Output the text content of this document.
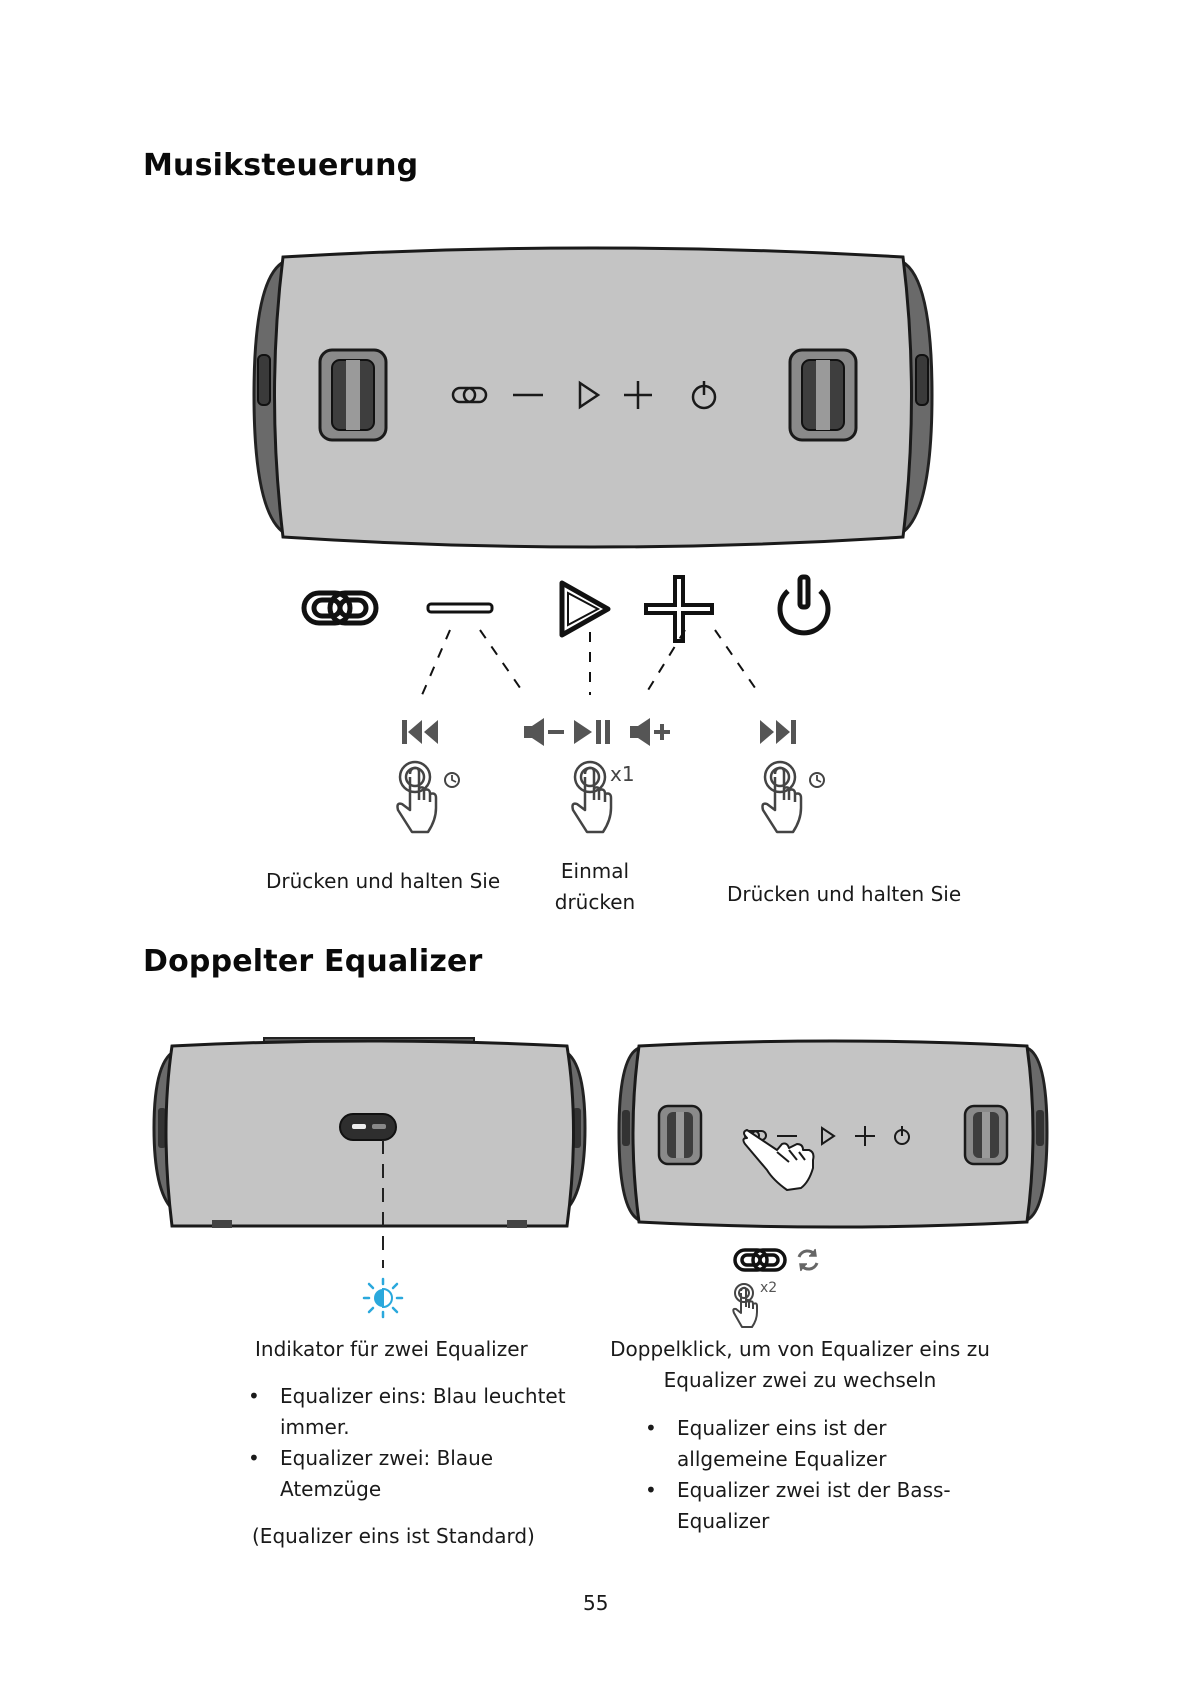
Musiksteuerung
x1
Drücken und halten Sie	Einmal
drücken	Drücken und halten Sie
Doppelter Equalizer
x2
Indikator für zwei Equalizer
• Equalizer eins: Blau leuchtet
immer.
• Equalizer zwei: Blaue
Atemzüge
(Equalizer eins ist Standard)
Doppelklick, um von Equalizer eins zu
Equalizer zwei zu wechseln
• Equalizer eins ist der
allgemeine Equalizer
• Equalizer zwei ist der Bass-
Equalizer
55
